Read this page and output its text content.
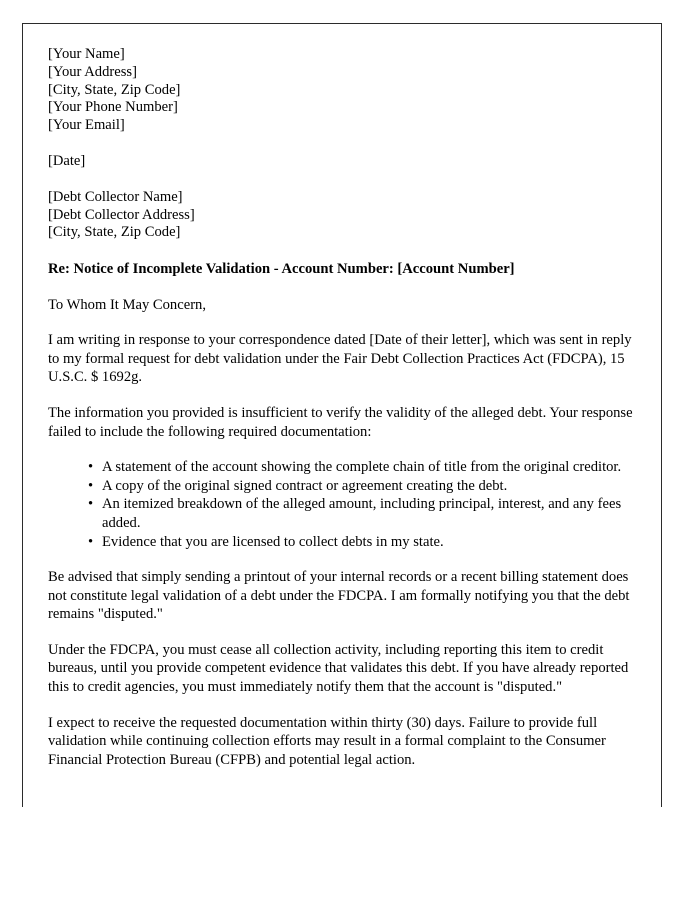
[Your Name]
[Your Address]
[City, State, Zip Code]
[Your Phone Number]
[Your Email]
[Date]
[Debt Collector Name]
[Debt Collector Address]
[City, State, Zip Code]
Re: Notice of Incomplete Validation - Account Number: [Account Number]
To Whom It May Concern,

I am writing in response to your correspondence dated [Date of their letter], which was sent in reply to my formal request for debt validation under the Fair Debt Collection Practices Act (FDCPA), 15 U.S.C. $ 1692g.

The information you provided is insufficient to verify the validity of the alleged debt. Your response failed to include the following required documentation:

• A statement of the account showing the complete chain of title from the original creditor.
• A copy of the original signed contract or agreement creating the debt.
• An itemized breakdown of the alleged amount, including principal, interest, and any fees added.
• Evidence that you are licensed to collect debts in my state.

Be advised that simply sending a printout of your internal records or a recent billing statement does not constitute legal validation of a debt under the FDCPA. I am formally notifying you that the debt remains "disputed."

Under the FDCPA, you must cease all collection activity, including reporting this item to credit bureaus, until you provide competent evidence that validates this debt. If you have already reported this to credit agencies, you must immediately notify them that the account is "disputed."

I expect to receive the requested documentation within thirty (30) days. Failure to provide full validation while continuing collection efforts may result in a formal complaint to the Consumer Financial Protection Bureau (CFPB) and potential legal action.
